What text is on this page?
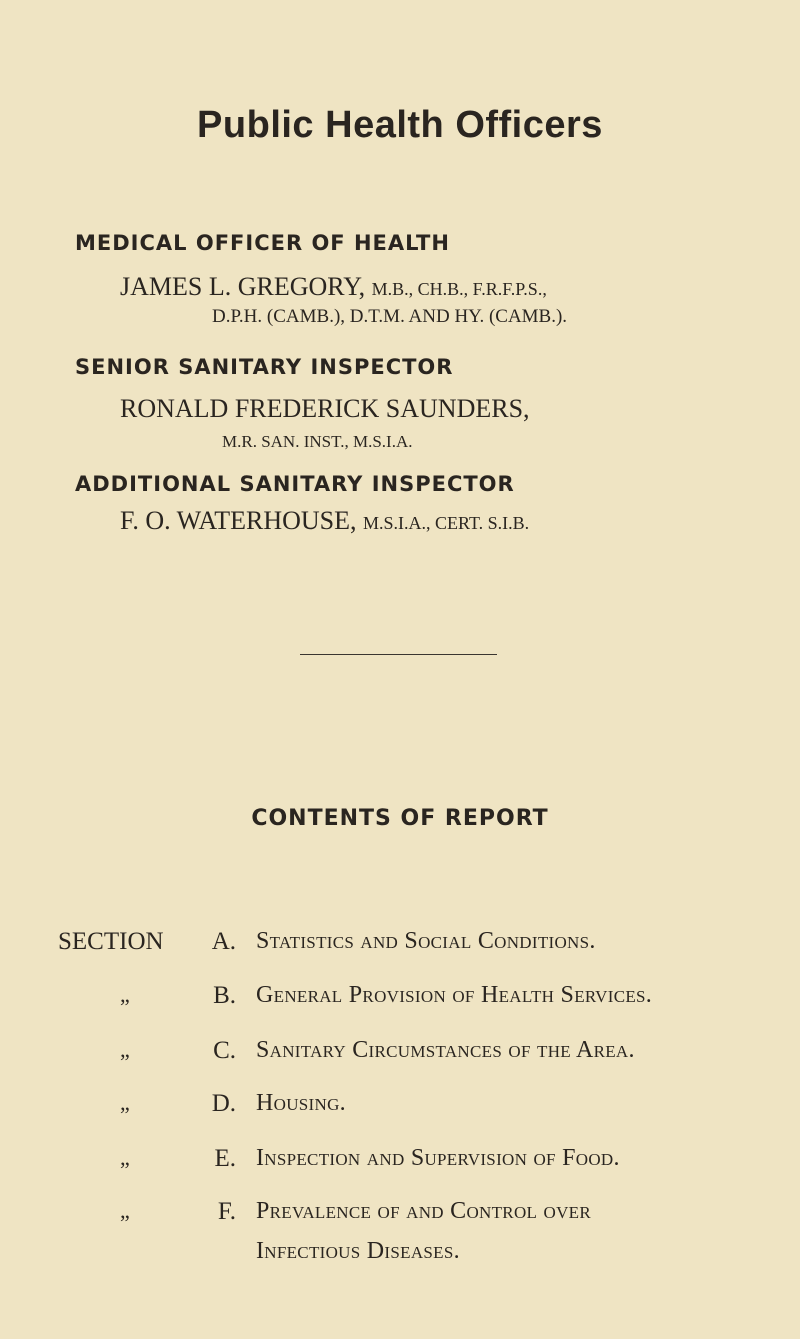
Public Health Officers
MEDICAL OFFICER OF HEALTH
JAMES L. GREGORY, M.B., CH.B., F.R.F.P.S.,
D.P.H. (CAMB.), D.T.M. AND HY. (CAMB.).
SENIOR SANITARY INSPECTOR
RONALD FREDERICK SAUNDERS,
M.R. SAN. INST., M.S.I.A.
ADDITIONAL SANITARY INSPECTOR
F. O. WATERHOUSE, M.S.I.A., CERT. S.I.B.
CONTENTS OF REPORT
SECTION	A. Statistics and Social Conditions.
„	B. General Provision of Health Services.
„	C. Sanitary Circumstances of the Area.
„	D. Housing.
„	E. Inspection and Supervision of Food.
„	F. Prevalence of and Control over
Infectious Diseases.
